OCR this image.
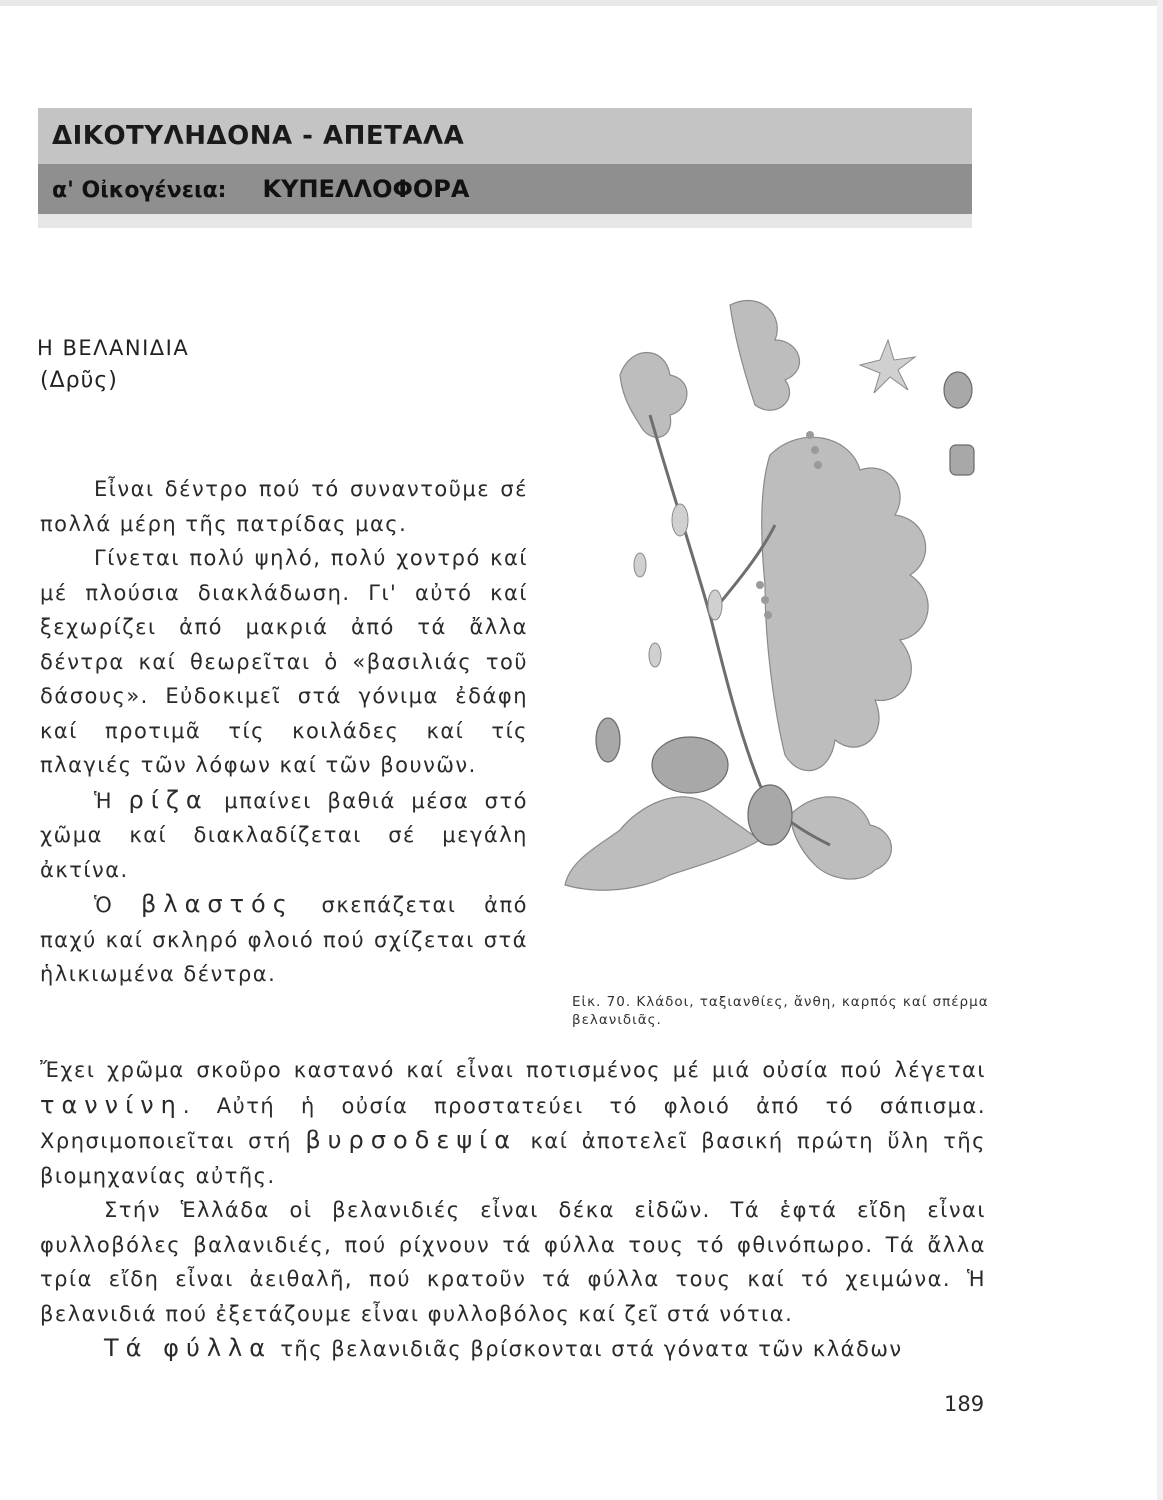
ΔΙΚΟΤΥΛΗΔΟΝΑ - ΑΠΕΤΑΛΑ
α' Οἰκογένεια: ΚΥΠΕΛΛΟΦΟΡΑ
Η ΒΕΛΑΝΙΔΙΑ
(Δρῦς)

Εἶναι δέντρο πού τό συναντοῦμε σέ πολλά μέρη τῆς πατρίδας μας.

Γίνεται πολύ ψηλό, πολύ χοντρό καί μέ πλούσια διακλάδωση. Γι' αὐτό καί ξεχωρίζει ἀπό μακριά ἀπό τά ἄλλα δέντρα καί θεωρεῖται ὁ «βασιλιάς τοῦ δάσους». Εὐδοκιμεῖ στά γόνιμα ἐδάφη καί προτιμᾶ τίς κοιλάδες καί τίς πλαγιές τῶν λόφων καί τῶν βουνῶν.

Ἡ ρίζα μπαίνει βαθιά μέσα στό χῶμα καί διακλαδίζεται σέ μεγάλη ἀκτίνα.

Ὁ βλαστός σκεπάζεται ἀπό παχύ καί σκληρό φλοιό πού σχίζεται στά ἡλικιωμένα δέντρα.

Εἰκ. 70. Κλάδοι, ταξιανθίες, ἄνθη, καρπός καί σπέρμα βελανιδιᾶς.

Ἔχει χρῶμα σκοῦρο καστανό καί εἶναι ποτισμένος μέ μιά οὐσία πού λέγεται ταννίνη. Αὐτή ἡ οὐσία προστατεύει τό φλοιό ἀπό τό σάπισμα. Χρησιμοποιεῖται στή βυρσοδεψία καί ἀποτελεῖ βασική πρώτη ὕλη τῆς βιομηχανίας αὐτῆς.

Στήν Ἑλλάδα οἱ βελανιδιές εἶναι δέκα εἰδῶν. Τά ἑφτά εἴδη εἶναι φυλλοβόλες βαλανιδιές, πού ρίχνουν τά φύλλα τους τό φθινόπωρο. Τά ἄλλα τρία εἴδη εἶναι ἀειθαλῆ, πού κρατοῦν τά φύλλα τους καί τό χειμώνα. Ἡ βελανιδιά πού ἐξετάζουμε εἶναι φυλλοβόλος καί ζεῖ στά νότια.

Τά φύλλα τῆς βελανιδιᾶς βρίσκονται στά γόνατα τῶν κλάδων

189
